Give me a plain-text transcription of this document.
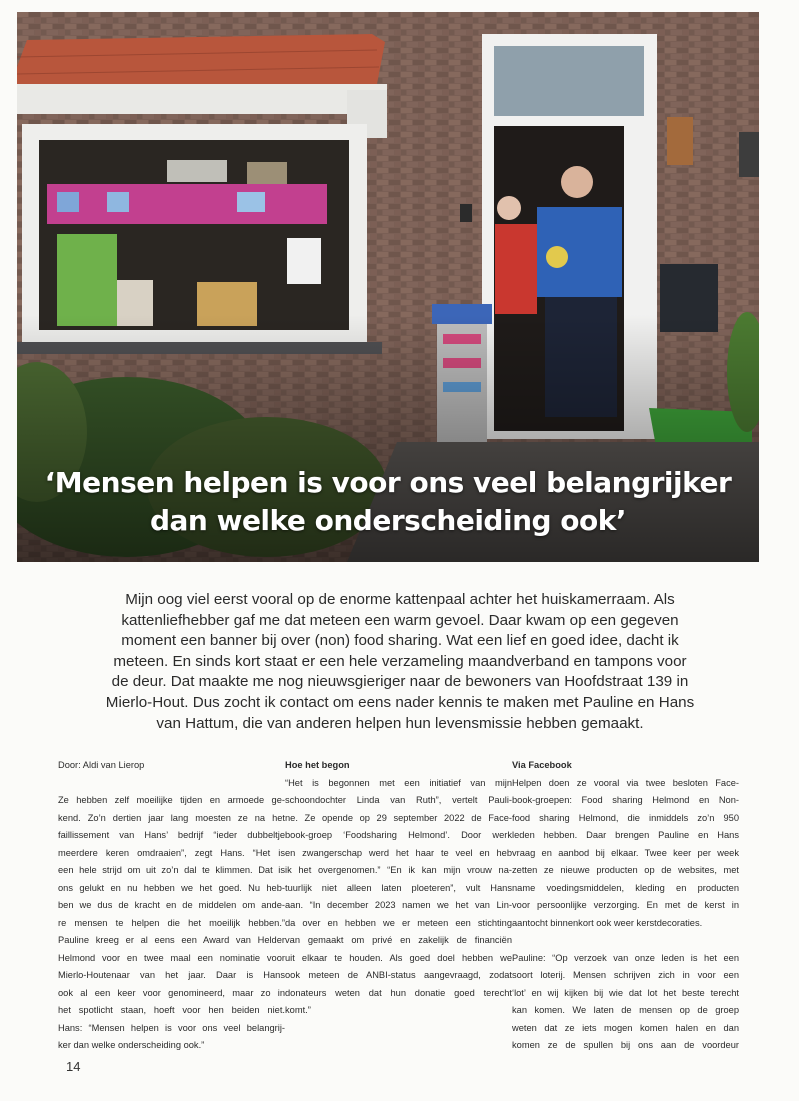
‘Mensen helpen is voor ons veel belangrijker
dan welke onderscheiding ook’
Mijn oog viel eerst vooral op de enorme kattenpaal achter het huiskamerraam. Als
kattenliefhebber gaf me dat meteen een warm gevoel. Daar kwam op een gegeven
moment een banner bij over (non) food sharing. Wat een lief en goed idee, dacht ik
meteen. En sinds kort staat er een hele verzameling maandverband en tampons voor
de deur. Dat maakte me nog nieuwsgieriger naar de bewoners van Hoofdstraat 139 in
Mierlo-Hout. Dus zocht ik contact om eens nader kennis te maken met Pauline en Hans
van Hattum, die van anderen helpen hun levensmissie hebben gemaakt.
Door: Aldi van Lierop
Ze hebben zelf moeilijke tijden en armoede ge-
kend. Zo’n dertien jaar lang moesten ze na het
faillissement van Hans’ bedrijf “ieder dubbeltje
meerdere keren omdraaien”, zegt Hans. “Het is
een hele strijd om uit zo’n dal te klimmen. Dat is
ons gelukt en nu hebben we het goed. Nu heb-
ben we dus de kracht en de middelen om ande-
re mensen te helpen die het moeilijk hebben.”
Pauline kreeg er al eens een Award van Helder
Helmond voor en twee maal een nominatie voor
Mierlo-Houtenaar van het jaar. Daar is Hans
ook al een keer voor genomineerd, maar zo in
het spotlicht staan, hoeft voor hen beiden niet.
Hans: “Mensen helpen is voor ons veel belangrij-
ker dan welke onderscheiding ook.”
Hoe het begon
“Het is begonnen met een initiatief van mijn
schoondochter Linda van Ruth”, vertelt Pauli-
ne. Ze opende op 29 september 2022 de Face-
book-groep ‘Foodsharing Helmond’. Door werk
en zwangerschap werd het haar te veel en heb
ik het overgenomen.” “En ik kan mijn vrouw na-
tuurlijk niet alleen laten ploeteren”, vult Hans
aan. “In december 2023 namen we het van Lin-
da over en hebben we er meteen een stichting
van gemaakt om privé en zakelijk de financiën
uit elkaar te houden. Als goed doel hebben we
ook meteen de ANBI-status aangevraagd, zodat
donateurs weten dat hun donatie goed terecht
komt.”
Via Facebook
Helpen doen ze vooral via twee besloten Face-
book-groepen: Food sharing Helmond en Non-
food sharing Helmond, die inmiddels zo’n 950
leden hebben. Daar brengen Pauline en Hans
vraag en aanbod bij elkaar. Twee keer per week
zetten ze nieuwe producten op de websites, met
name voedingsmiddelen, kleding en producten
voor persoonlijke verzorging. En met de kerst in
aantocht binnenkort ook weer kerstdecoraties.
Pauline: “Op verzoek van onze leden is het een
soort loterij. Mensen schrijven zich in voor een
‘lot’ en wij kijken bij wie dat lot het beste terecht
kan komen. We laten de mensen op de groep
weten dat ze iets mogen komen halen en dan
komen ze de spullen bij ons aan de voordeur
14
